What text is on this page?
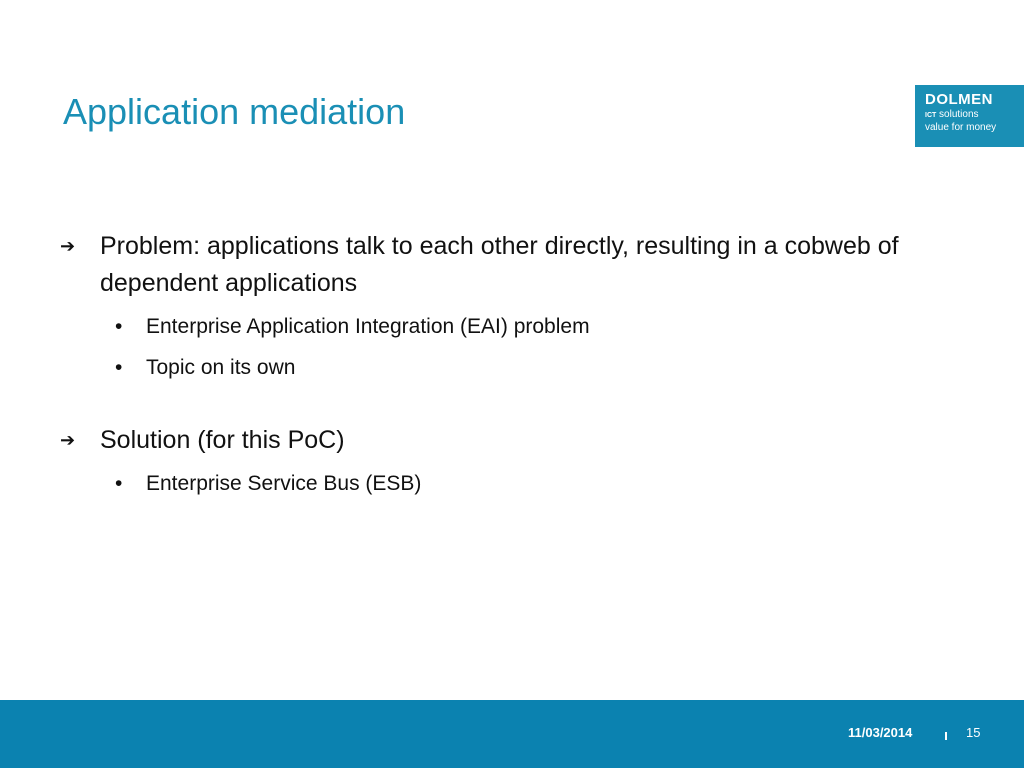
Application mediation	DOLMEN
ICT solutions
value for money
➔ Problem: applications talk to each other directly, resulting in a cobweb of dependent applications
• Enterprise Application Integration (EAI) problem
• Topic on its own
➔ Solution (for this PoC)
• Enterprise Service Bus (ESB)
11/03/2014	15
